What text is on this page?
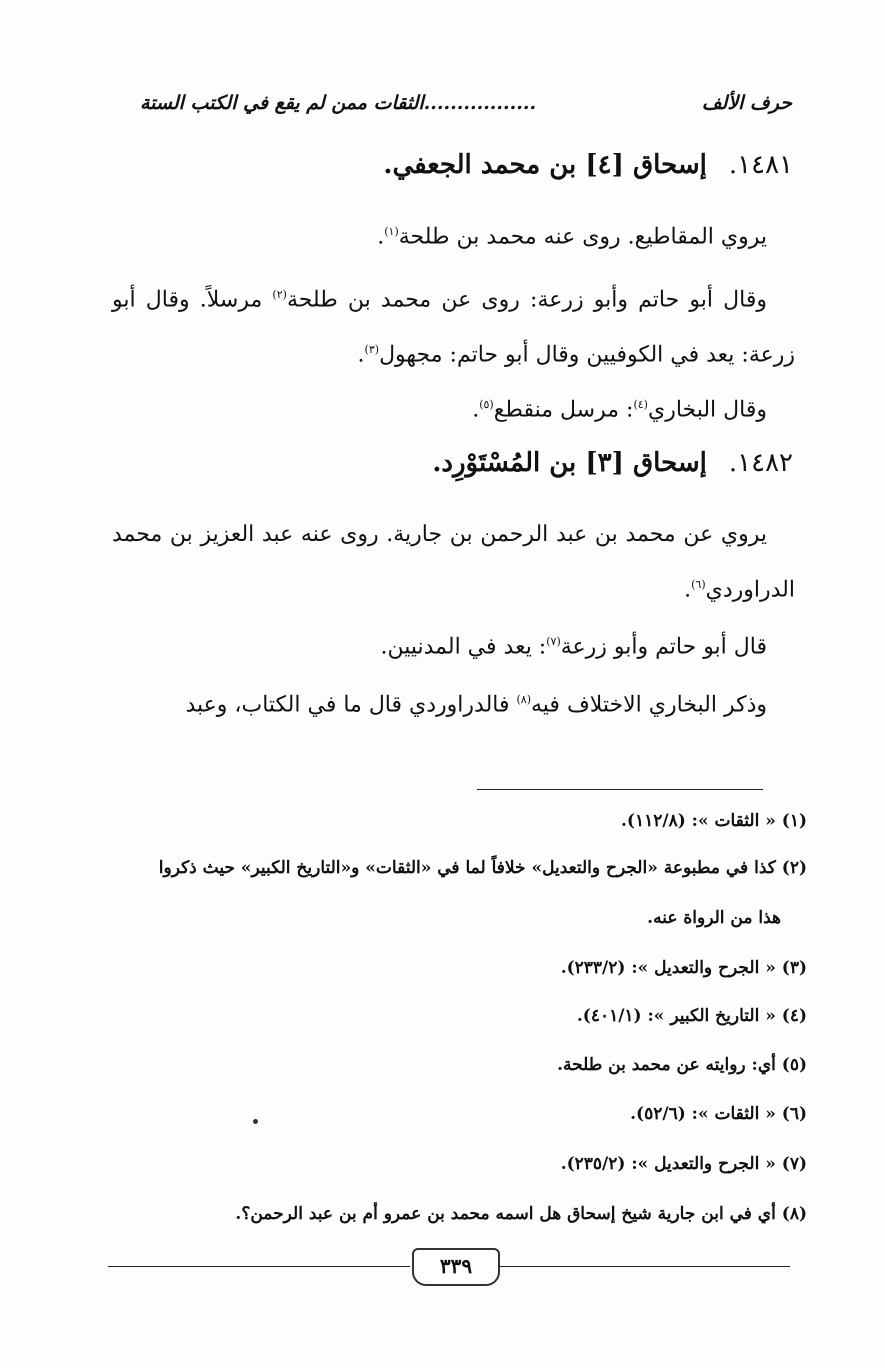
حرف الألف
.................الثقات ممن لم يقع في الكتب الستة
١٤٨١.إسحاق [٤] بن محمد الجعفي.
يروي المقاطيع. روى عنه محمد بن طلحة$^{(١)}$.
وقال أبو حاتم وأبو زرعة: روى عن محمد بن طلحة$^{(٢)}$ مرسلاً. وقال أبو زرعة: يعد في الكوفيين وقال أبو حاتم: مجهول$^{(٣)}$.
وقال البخاري$^{(٤)}$: مرسل منقطع$^{(٥)}$.
١٤٨٢.إسحاق [٣] بن المُسْتَوْرِد.
يروي عن محمد بن عبد الرحمن بن جارية. روى عنه عبد العزيز بن محمد الدراوردي$^{(٦)}$.
قال أبو حاتم وأبو زرعة$^{(٧)}$: يعد في المدنيين.
وذكر البخاري الاختلاف فيه$^{(٨)}$ فالدراوردي قال ما في الكتاب، وعبد
(١) « الثقات »: (١١٢/٨).
(٢) كذا في مطبوعة «الجرح والتعديل» خلافاً لما في «الثقات» و«التاريخ الكبير» حيث ذكروا
هذا من الرواة عنه.
(٣) « الجرح والتعديل »: (٢٣٣/٢).
(٤) « التاريخ الكبير »: (٤٠١/١).
(٥) أي: روايته عن محمد بن طلحة.
(٦) « الثقات »: (٥٢/٦).
(٧) « الجرح والتعديل »: (٢٣٥/٢).
(٨) أي في ابن جارية شيخ إسحاق هل اسمه محمد بن عمرو أم بن عبد الرحمن؟.
٣٣٩
